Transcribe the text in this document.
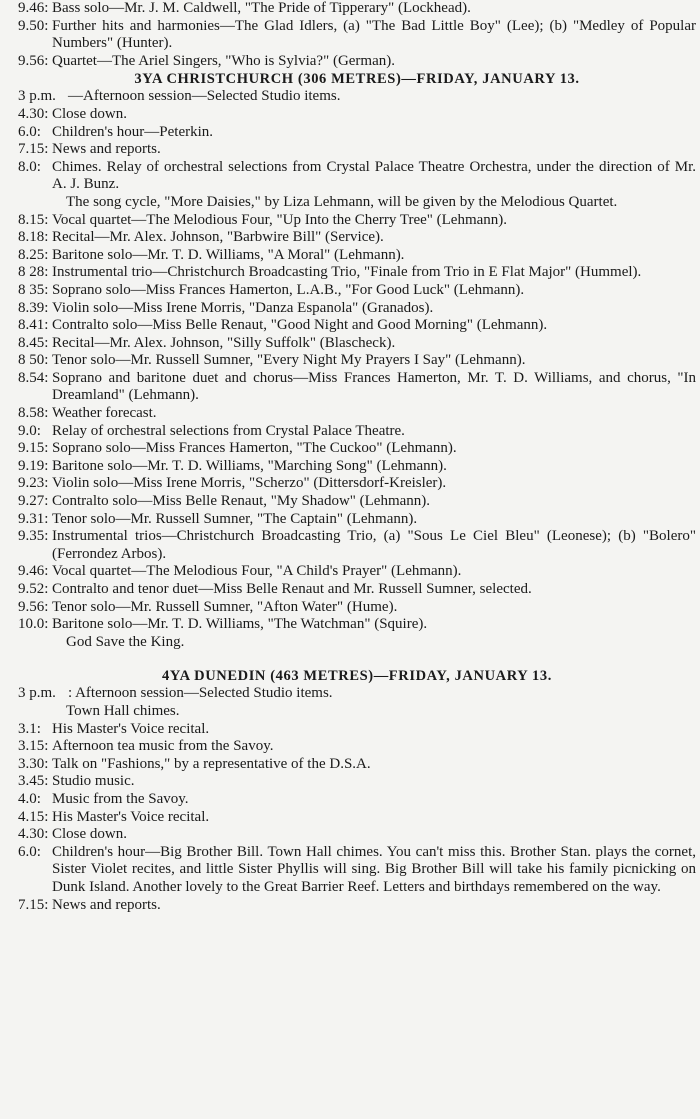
9.46: Bass solo—Mr. J. M. Caldwell, "The Pride of Tipperary" (Lockhead).
9.50: Further hits and harmonies—The Glad Idlers, (a) "The Bad Little Boy" (Lee); (b) "Medley of Popular Numbers" (Hunter).
9.56: Quartet—The Ariel Singers, "Who is Sylvia?" (German).
3YA CHRISTCHURCH (306 METRES)—FRIDAY, JANUARY 13.
3 p.m. —Afternoon session—Selected Studio items.
4.30: Close down.
6.0: Children's hour—Peterkin.
7.15: News and reports.
8.0: Chimes. Relay of orchestral selections from Crystal Palace Theatre Orchestra, under the direction of Mr. A. J. Bunz.
The song cycle, "More Daisies," by Liza Lehmann, will be given by the Melodious Quartet.
8.15: Vocal quartet—The Melodious Four, "Up Into the Cherry Tree" (Lehmann).
8.18: Recital—Mr. Alex. Johnson, "Barbwire Bill" (Service).
8.25: Baritone solo—Mr. T. D. Williams, "A Moral" (Lehmann).
8 28: Instrumental trio—Christchurch Broadcasting Trio, "Finale from Trio in E Flat Major" (Hummel).
8 35: Soprano solo—Miss Frances Hamerton, L.A.B., "For Good Luck" (Lehmann).
8.39: Violin solo—Miss Irene Morris, "Danza Espanola" (Granados).
8.41: Contralto solo—Miss Belle Renaut, "Good Night and Good Morning" (Lehmann).
8.45: Recital—Mr. Alex. Johnson, "Silly Suffolk" (Blascheck).
8 50: Tenor solo—Mr. Russell Sumner, "Every Night My Prayers I Say" (Lehmann).
8.54: Soprano and baritone duet and chorus—Miss Frances Hamerton, Mr. T. D. Williams, and chorus, "In Dreamland" (Lehmann).
8.58: Weather forecast.
9.0: Relay of orchestral selections from Crystal Palace Theatre.
9.15: Soprano solo—Miss Frances Hamerton, "The Cuckoo" (Lehmann).
9.19: Baritone solo—Mr. T. D. Williams, "Marching Song" (Lehmann).
9.23: Violin solo—Miss Irene Morris, "Scherzo" (Dittersdorf-Kreisler).
9.27: Contralto solo—Miss Belle Renaut, "My Shadow" (Lehmann).
9.31: Tenor solo—Mr. Russell Sumner, "The Captain" (Lehmann).
9.35: Instrumental trios—Christchurch Broadcasting Trio, (a) "Sous Le Ciel Bleu" (Leonese); (b) "Bolero" (Ferrondez Arbos).
9.46: Vocal quartet—The Melodious Four, "A Child's Prayer" (Lehmann).
9.52: Contralto and tenor duet—Miss Belle Renaut and Mr. Russell Sumner, selected.
9.56: Tenor solo—Mr. Russell Sumner, "Afton Water" (Hume).
10.0: Baritone solo—Mr. T. D. Williams, "The Watchman" (Squire).
God Save the King.
4YA DUNEDIN (463 METRES)—FRIDAY, JANUARY 13.
3 p.m. : Afternoon session—Selected Studio items.
Town Hall chimes.
3.1: His Master's Voice recital.
3.15: Afternoon tea music from the Savoy.
3.30: Talk on "Fashions," by a representative of the D.S.A.
3.45: Studio music.
4.0: Music from the Savoy.
4.15: His Master's Voice recital.
4.30: Close down.
6.0: Children's hour—Big Brother Bill. Town Hall chimes. You can't miss this. Brother Stan. plays the cornet, Sister Violet recites, and little Sister Phyllis will sing. Big Brother Bill will take his family picnicking on Dunk Island. Another lovely to the Great Barrier Reef. Letters and birthdays remembered on the way.
7.15: News and reports.
